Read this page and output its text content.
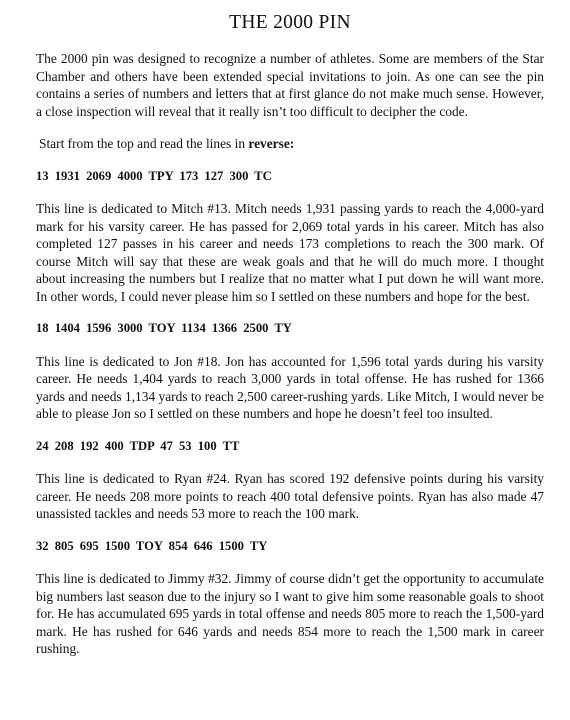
THE 2000 PIN

The 2000 pin was designed to recognize a number of athletes. Some are members of the Star Chamber and others have been extended special invitations to join. As one can see the pin contains a series of numbers and letters that at first glance do not make much sense. However, a close inspection will reveal that it really isn’t too difficult to decipher the code.

Start from the top and read the lines in reverse:

13 1931 2069 4000 TPY 173 127 300 TC

This line is dedicated to Mitch #13. Mitch needs 1,931 passing yards to reach the 4,000-yard mark for his varsity career. He has passed for 2,069 total yards in his career. Mitch has also completed 127 passes in his career and needs 173 completions to reach the 300 mark. Of course Mitch will say that these are weak goals and that he will do much more. I thought about increasing the numbers but I realize that no matter what I put down he will want more. In other words, I could never please him so I settled on these numbers and hope for the best.

18 1404 1596 3000 TOY 1134 1366 2500 TY

This line is dedicated to Jon #18. Jon has accounted for 1,596 total yards during his varsity career. He needs 1,404 yards to reach 3,000 yards in total offense. He has rushed for 1366 yards and needs 1,134 yards to reach 2,500 career-rushing yards. Like Mitch, I would never be able to please Jon so I settled on these numbers and hope he doesn’t feel too insulted.

24 208 192 400 TDP 47 53 100 TT

This line is dedicated to Ryan #24. Ryan has scored 192 defensive points during his varsity career. He needs 208 more points to reach 400 total defensive points. Ryan has also made 47 unassisted tackles and needs 53 more to reach the 100 mark.

32 805 695 1500 TOY 854 646 1500 TY

This line is dedicated to Jimmy #32. Jimmy of course didn’t get the opportunity to accumulate big numbers last season due to the injury so I want to give him some reasonable goals to shoot for. He has accumulated 695 yards in total offense and needs 805 more to reach the 1,500-yard mark. He has rushed for 646 yards and needs 854 more to reach the 1,500 mark in career rushing.
